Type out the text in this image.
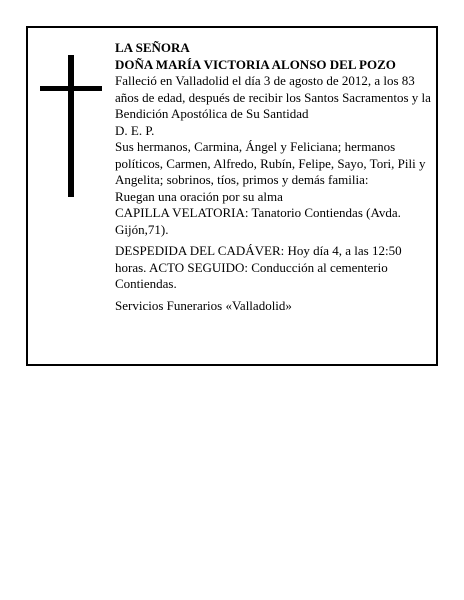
LA SEÑORA

DOÑA MARÍA VICTORIA ALONSO DEL POZO

Falleció en Valladolid el día 3 de agosto de 2012, a los 83 años de edad, después de recibir los Santos Sacramentos y la Bendición Apostólica de Su Santidad

D. E. P.

Sus hermanos, Carmina, Ángel y Feliciana; hermanos políticos, Carmen, Alfredo, Rubín, Felipe, Sayo, Tori, Pili y Angelita; sobrinos, tíos, primos y demás familia:

Ruegan una oración por su alma

CAPILLA VELATORIA: Tanatorio Contiendas (Avda. Gijón,71).

DESPEDIDA DEL CADÁVER: Hoy día 4, a las 12:50 horas. ACTO SEGUIDO: Conducción al cementerio Contiendas.

Servicios Funerarios «Valladolid»
